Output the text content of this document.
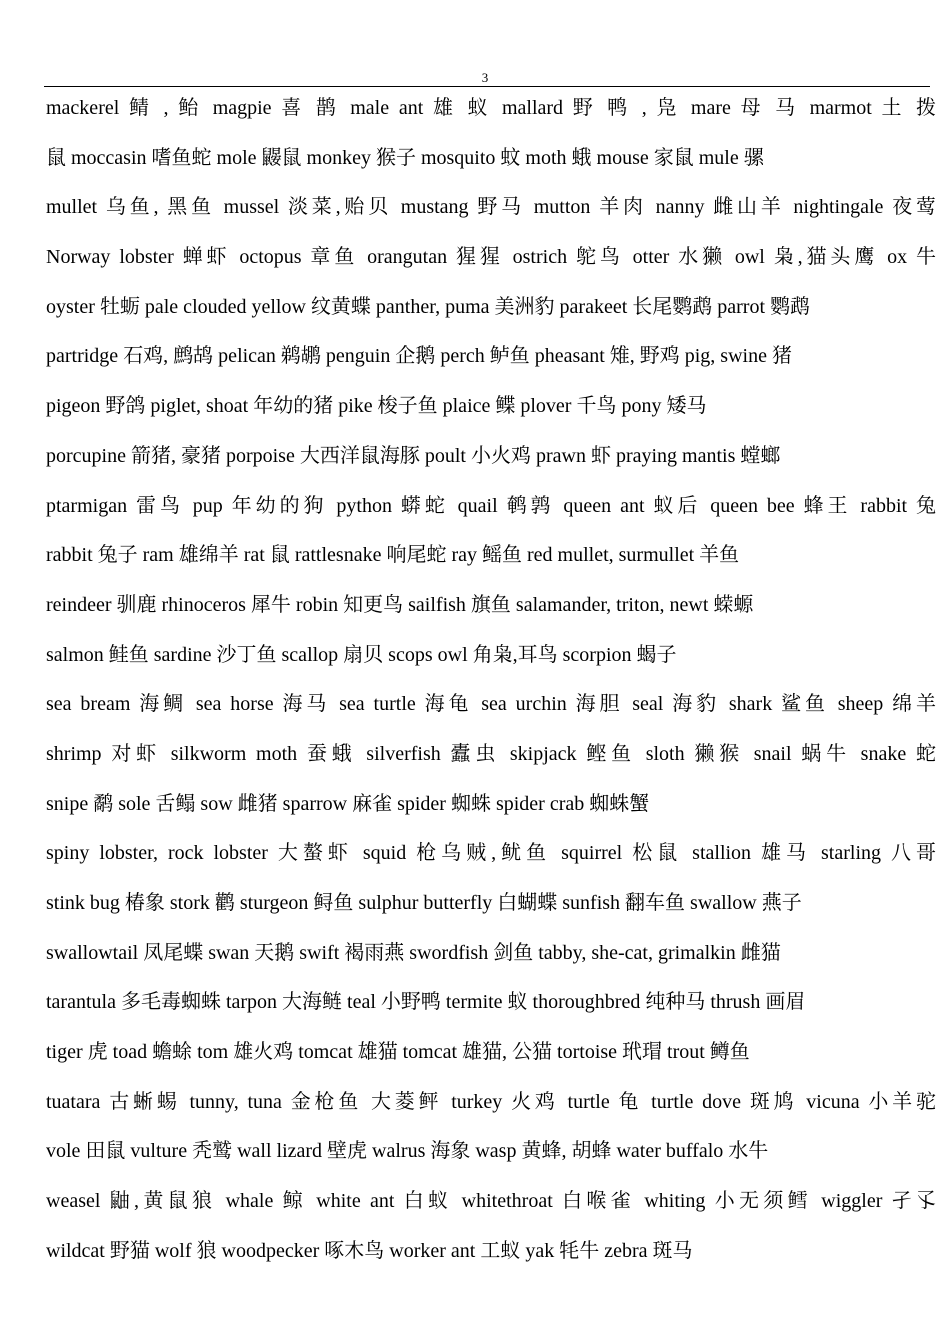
3
mackerel 鲭 , 鲐 magpie 喜 鹊 male ant 雄 蚁 mallard 野 鸭 , 凫 mare 母 马 marmot 土 拨
鼠 moccasin 嗜鱼蛇 mole 鼹鼠 monkey 猴子 mosquito 蚊 moth 蛾 mouse 家鼠 mule 骡
mullet 乌鱼, 黑鱼 mussel 淡菜,贻贝 mustang 野马 mutton 羊肉 nanny 雌山羊 nightingale 夜莺
Norway lobster 蝉虾 octopus 章鱼 orangutan 猩猩 ostrich 鸵鸟 otter 水獭 owl 枭,猫头鹰 ox 牛
oyster 牡蛎 pale clouded yellow 纹黄蝶 panther, puma 美洲豹 parakeet 长尾鹦鹉 parrot 鹦鹉
partridge 石鸡, 鹧鸪 pelican 鹈鹕 penguin 企鹅 perch 鲈鱼 pheasant 雉, 野鸡 pig, swine 猪
pigeon 野鸽 piglet, shoat 年幼的猪 pike 梭子鱼 plaice 鲽 plover 千鸟 pony 矮马
porcupine 箭猪, 豪猪 porpoise 大西洋鼠海豚 poult 小火鸡 prawn 虾 praying mantis 螳螂
ptarmigan 雷鸟 pup 年幼的狗 python 蟒蛇 quail 鹌鹑 queen ant 蚁后 queen bee 蜂王 rabbit 兔
rabbit 兔子 ram 雄绵羊 rat 鼠 rattlesnake 响尾蛇 ray 鳐鱼 red mullet, surmullet 羊鱼
reindeer 驯鹿 rhinoceros 犀牛 robin 知更鸟 sailfish 旗鱼 salamander, triton, newt 蝾螈
salmon 鲑鱼 sardine 沙丁鱼 scallop 扇贝 scops owl 角枭,耳鸟 scorpion 蝎子
sea bream 海鲷 sea horse 海马 sea turtle 海龟 sea urchin 海胆 seal 海豹 shark 鲨鱼 sheep 绵羊
shrimp 对虾 silkworm moth 蚕蛾 silverfish 蠹虫 skipjack 鲣鱼 sloth 獭猴 snail 蜗牛 snake 蛇
snipe 鹬 sole 舌鳎 sow 雌猪 sparrow 麻雀 spider 蜘蛛 spider crab 蜘蛛蟹
spiny lobster, rock lobster 大螯虾 squid 枪乌贼,鱿鱼 squirrel 松鼠 stallion 雄马 starling 八哥
stink bug 椿象 stork 鹳 sturgeon 鲟鱼 sulphur butterfly 白蝴蝶 sunfish 翻车鱼 swallow 燕子
swallowtail 凤尾蝶 swan 天鹅 swift 褐雨燕 swordfish 剑鱼 tabby, she-cat, grimalkin 雌猫
tarantula 多毛毒蜘蛛 tarpon 大海鲢 teal 小野鸭 termite 蚁 thoroughbred 纯种马 thrush 画眉
tiger 虎 toad 蟾蜍 tom 雄火鸡 tomcat 雄猫 tomcat 雄猫, 公猫 tortoise 玳瑁 trout 鳟鱼
tuatara 古蜥蜴 tunny, tuna 金枪鱼 大菱鲆 turkey 火鸡 turtle 龟 turtle dove 斑鸠 vicuna 小羊驼
vole 田鼠 vulture 秃鹫 wall lizard 壁虎 walrus 海象 wasp 黄蜂, 胡蜂 water buffalo 水牛
weasel 鼬,黄鼠狼 whale 鲸 white ant 白蚁 whitethroat 白喉雀 whiting 小无须鳕 wiggler 孑孓
wildcat 野猫 wolf 狼 woodpecker 啄木鸟 worker ant 工蚁 yak 牦牛 zebra 斑马
